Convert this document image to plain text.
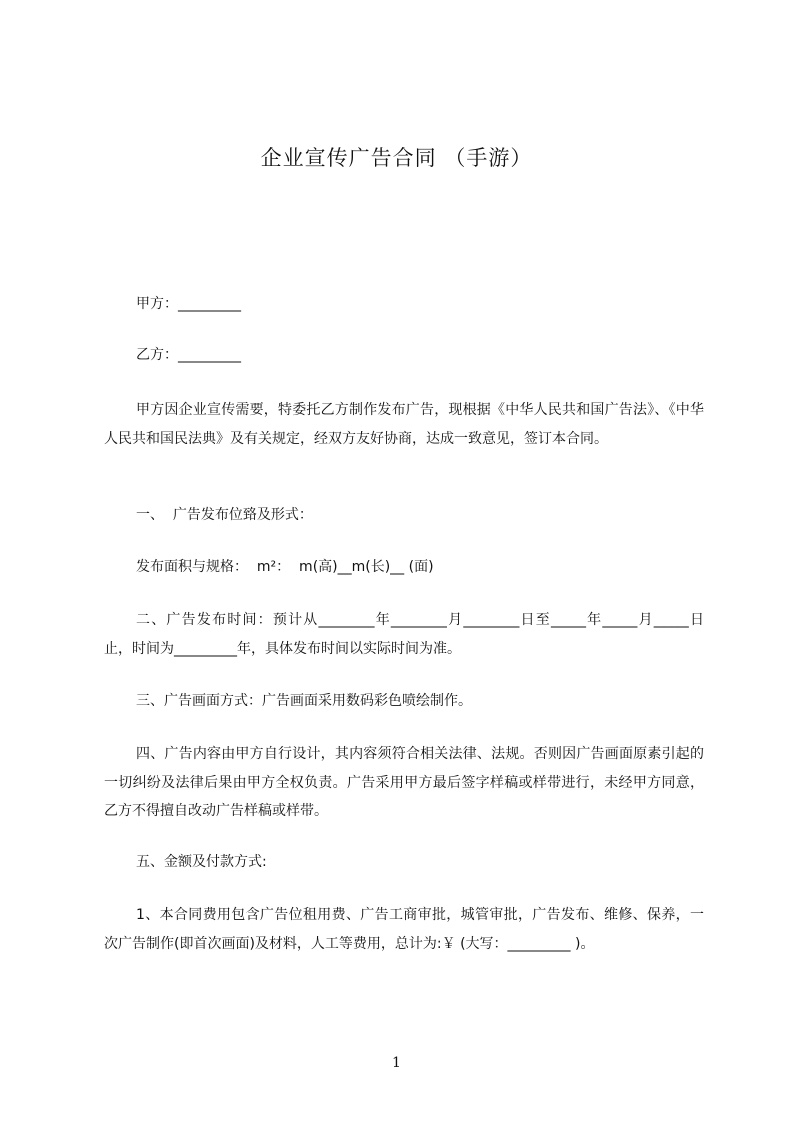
企业宣传广告合同 （手游）

甲方：_________

乙方：_________

甲方因企业宣传需要，特委托乙方制作发布广告，现根据《中华人民共和国广告法》、《中华人民共和国民法典》及有关规定，经双方友好协商，达成一致意见，签订本合同。

一、  广告发布位臵及形式：

发布面积与规格：  m²：  m(高)__m(长)__ (面)

二、广告发布时间：预计从________年________月________日至_____年_____月_____日 止，时间为_________年，具体发布时间以实际时间为准。

三、广告画面方式：广告画面采用数码彩色喷绘制作。

四、广告内容由甲方自行设计，其内容须符合相关法律、法规。否则因广告画面原素引起的一切纠纷及法律后果由甲方全权负责。广告采用甲方最后签字样稿或样带进行，未经甲方同意，乙方不得擅自改动广告样稿或样带。

五、金额及付款方式:

1、本合同费用包含广告位租用费、广告工商审批，城管审批，广告发布、维修、保养，一次广告制作(即首次画面)及材料，人工等费用，总计为:￥ (大写：_________ )。

1
